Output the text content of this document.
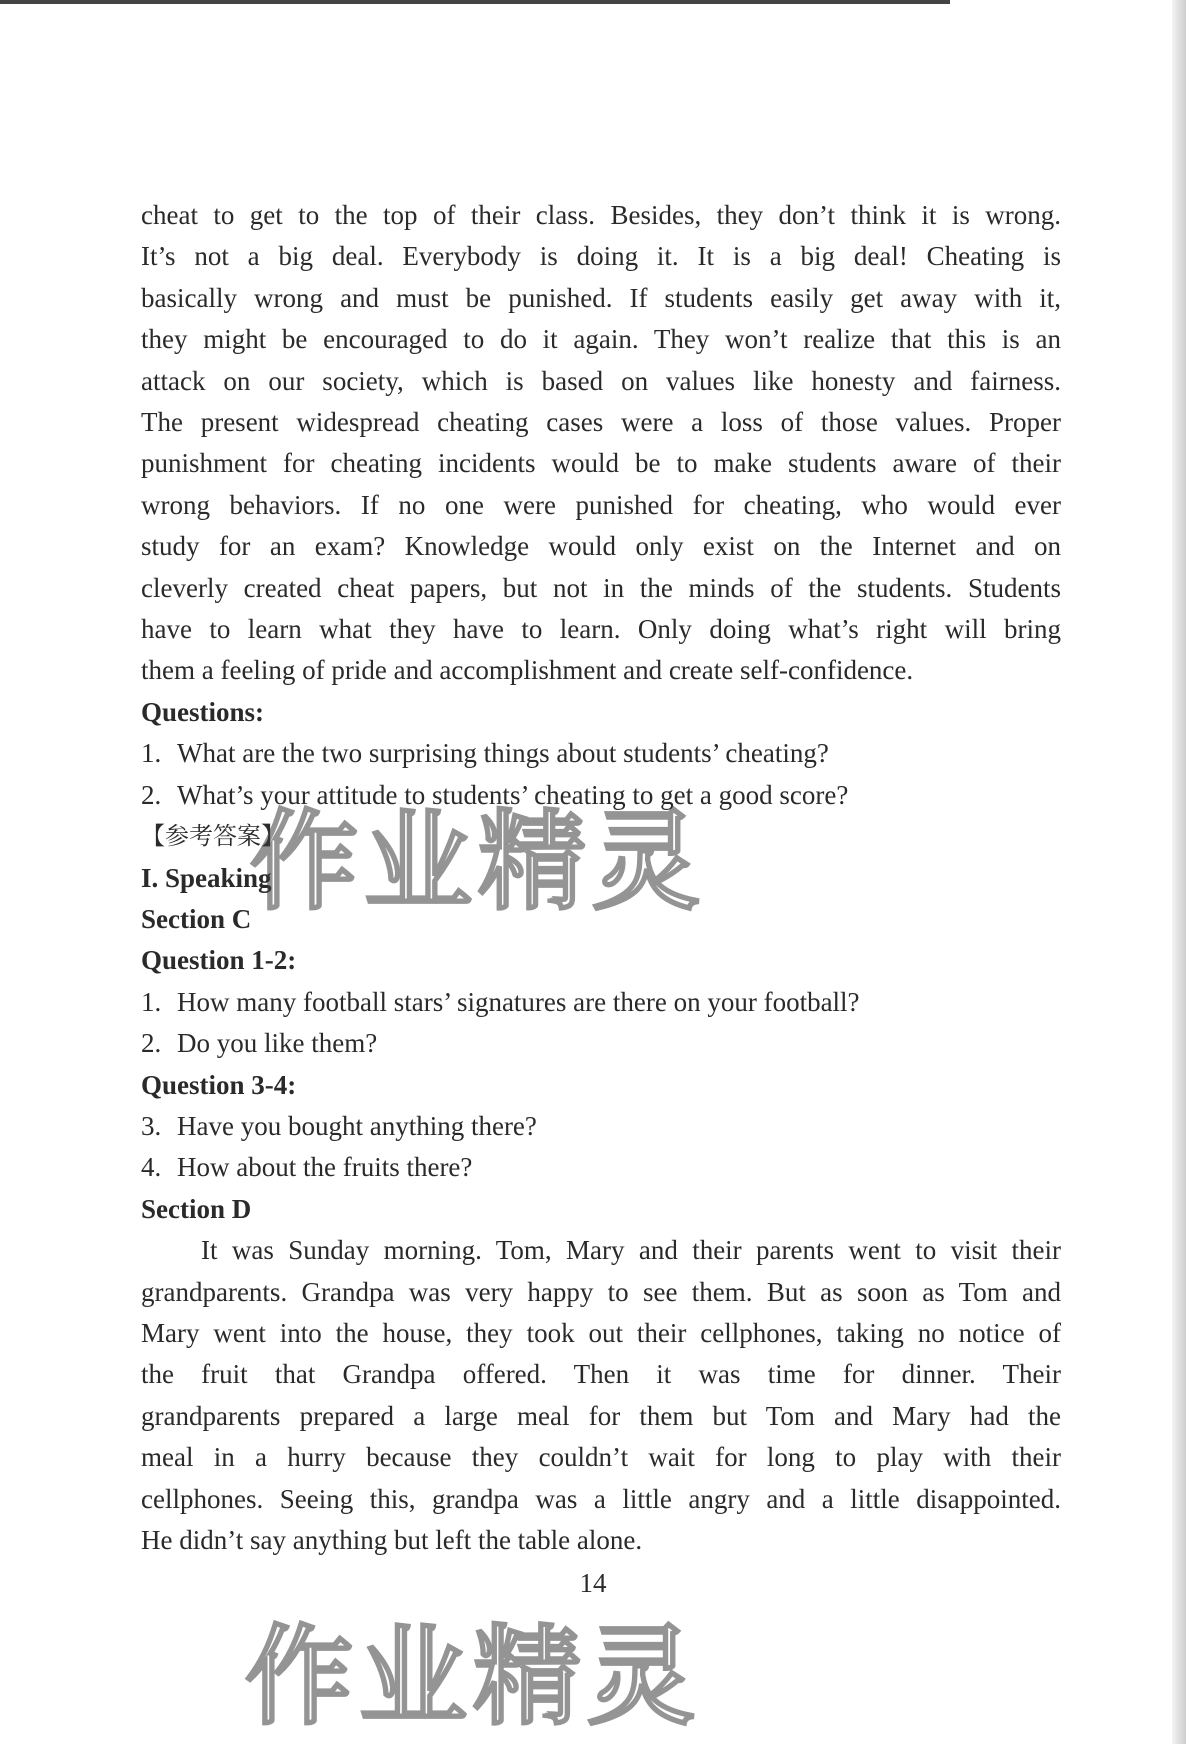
cheat to get to the top of their class. Besides, they don’t think it is wrong.
It’s not a big deal. Everybody is doing it. It is a big deal! Cheating is
basically wrong and must be punished. If students easily get away with it,
they might be encouraged to do it again. They won’t realize that this is an
attack on our society, which is based on values like honesty and fairness.
The present widespread cheating cases were a loss of those values. Proper
punishment for cheating incidents would be to make students aware of their
wrong behaviors. If no one were punished for cheating, who would ever
study for an exam? Knowledge would only exist on the Internet and on
cleverly created cheat papers, but not in the minds of the students. Students
have to learn what they have to learn. Only doing what’s right will bring
them a feeling of pride and accomplishment and create self-confidence.

Questions:

1. What are the two surprising things about students’ cheating?

2. What’s your attitude to students’ cheating to get a good score?

【参考答案】

I. Speaking

Section C

Question 1-2:

1. How many football stars’ signatures are there on your football?

2. Do you like them?

Question 3-4:

3. Have you bought anything there?

4. How about the fruits there?

Section D

It was Sunday morning. Tom, Mary and their parents went to visit their
grandparents. Grandpa was very happy to see them. But as soon as Tom and
Mary went into the house, they took out their cellphones, taking no notice of
the fruit that Grandpa offered. Then it was time for dinner. Their
grandparents prepared a large meal for them but Tom and Mary had the
meal in a hurry because they couldn’t wait for long to play with their
cellphones. Seeing this, grandpa was a little angry and a little disappointed.
He didn’t say anything but left the table alone.
14
作业精灵
作业精灵
